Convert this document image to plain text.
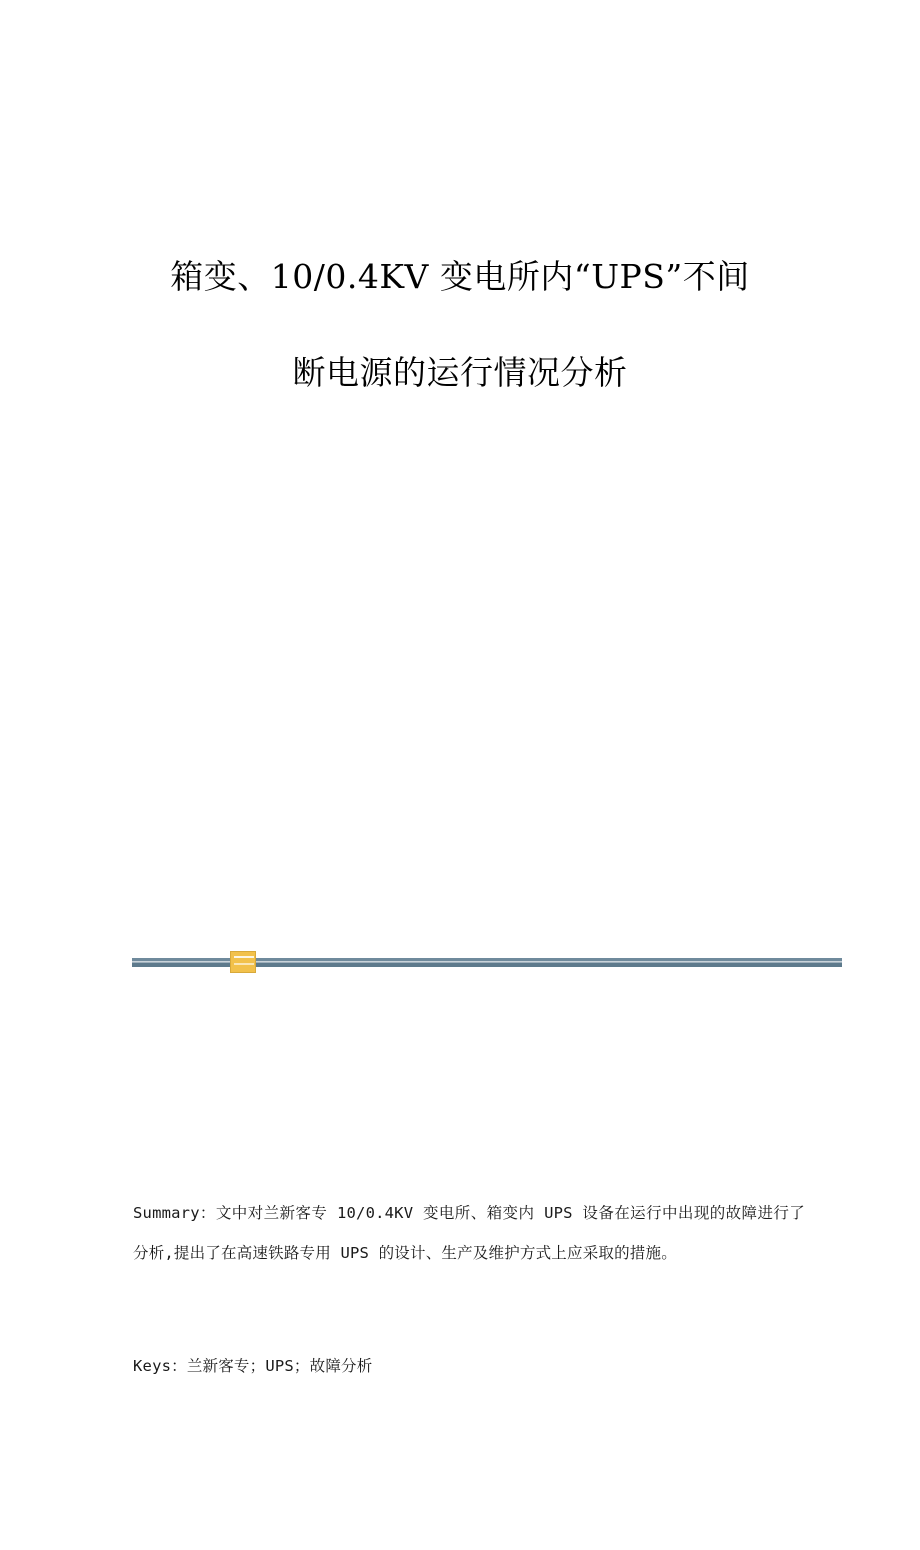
箱变、10/0.4KV 变电所内“UPS”不间
断电源的运行情况分析

Summary：文中对兰新客专 10/0.4KV 变电所、箱变内 UPS 设备在运行中出现的故障进行了分析,提出了在高速铁路专用 UPS 的设计、生产及维护方式上应采取的措施。

Keys：兰新客专；UPS；故障分析
